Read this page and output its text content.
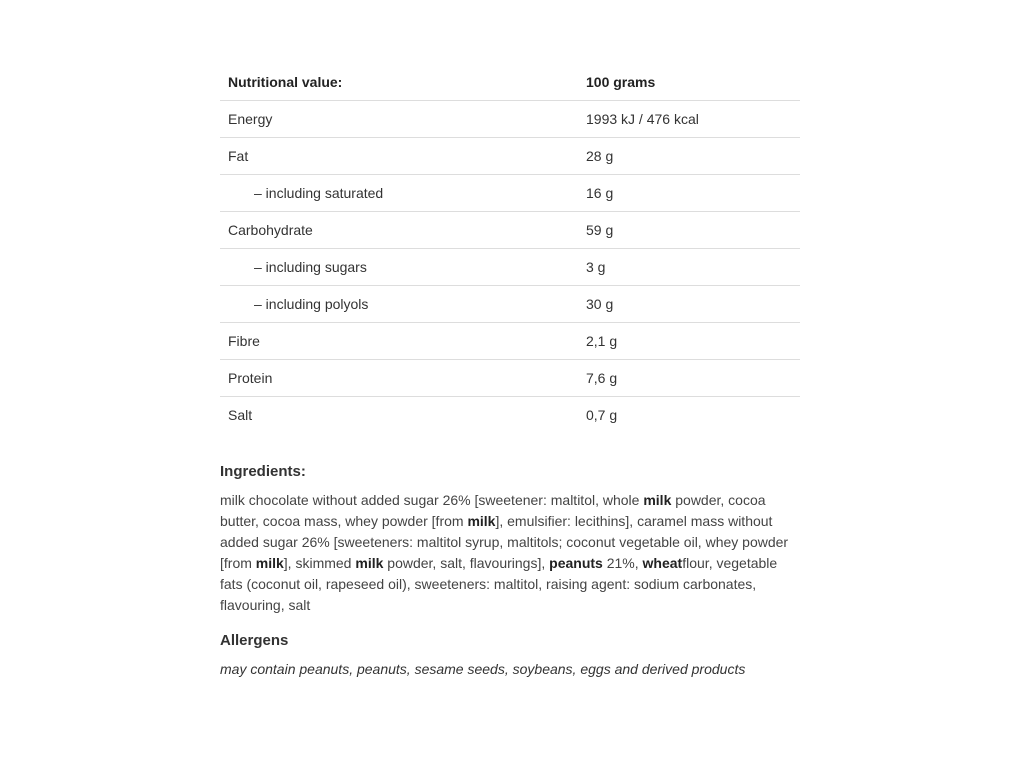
Nutritional value:	100 grams
Energy	1993 kJ / 476 kcal
Fat	28 g
– including saturated	16 g
Carbohydrate	59 g
– including sugars	3 g
– including polyols	30 g
Fibre	2,1 g
Protein	7,6 g
Salt	0,7 g
Ingredients:

milk chocolate without added sugar 26% [sweetener: maltitol, whole milk powder, cocoa butter, cocoa mass, whey powder [from milk], emulsifier: lecithins], caramel mass without added sugar 26% [sweeteners: maltitol syrup, maltitols; coconut vegetable oil, whey powder [from milk], skimmed milk powder, salt, flavourings], peanuts 21%, wheatflour, vegetable fats (coconut oil, rapeseed oil), sweeteners: maltitol, raising agent: sodium carbonates, flavouring, salt

Allergens

may contain peanuts, peanuts, sesame seeds, soybeans, eggs and derived products
